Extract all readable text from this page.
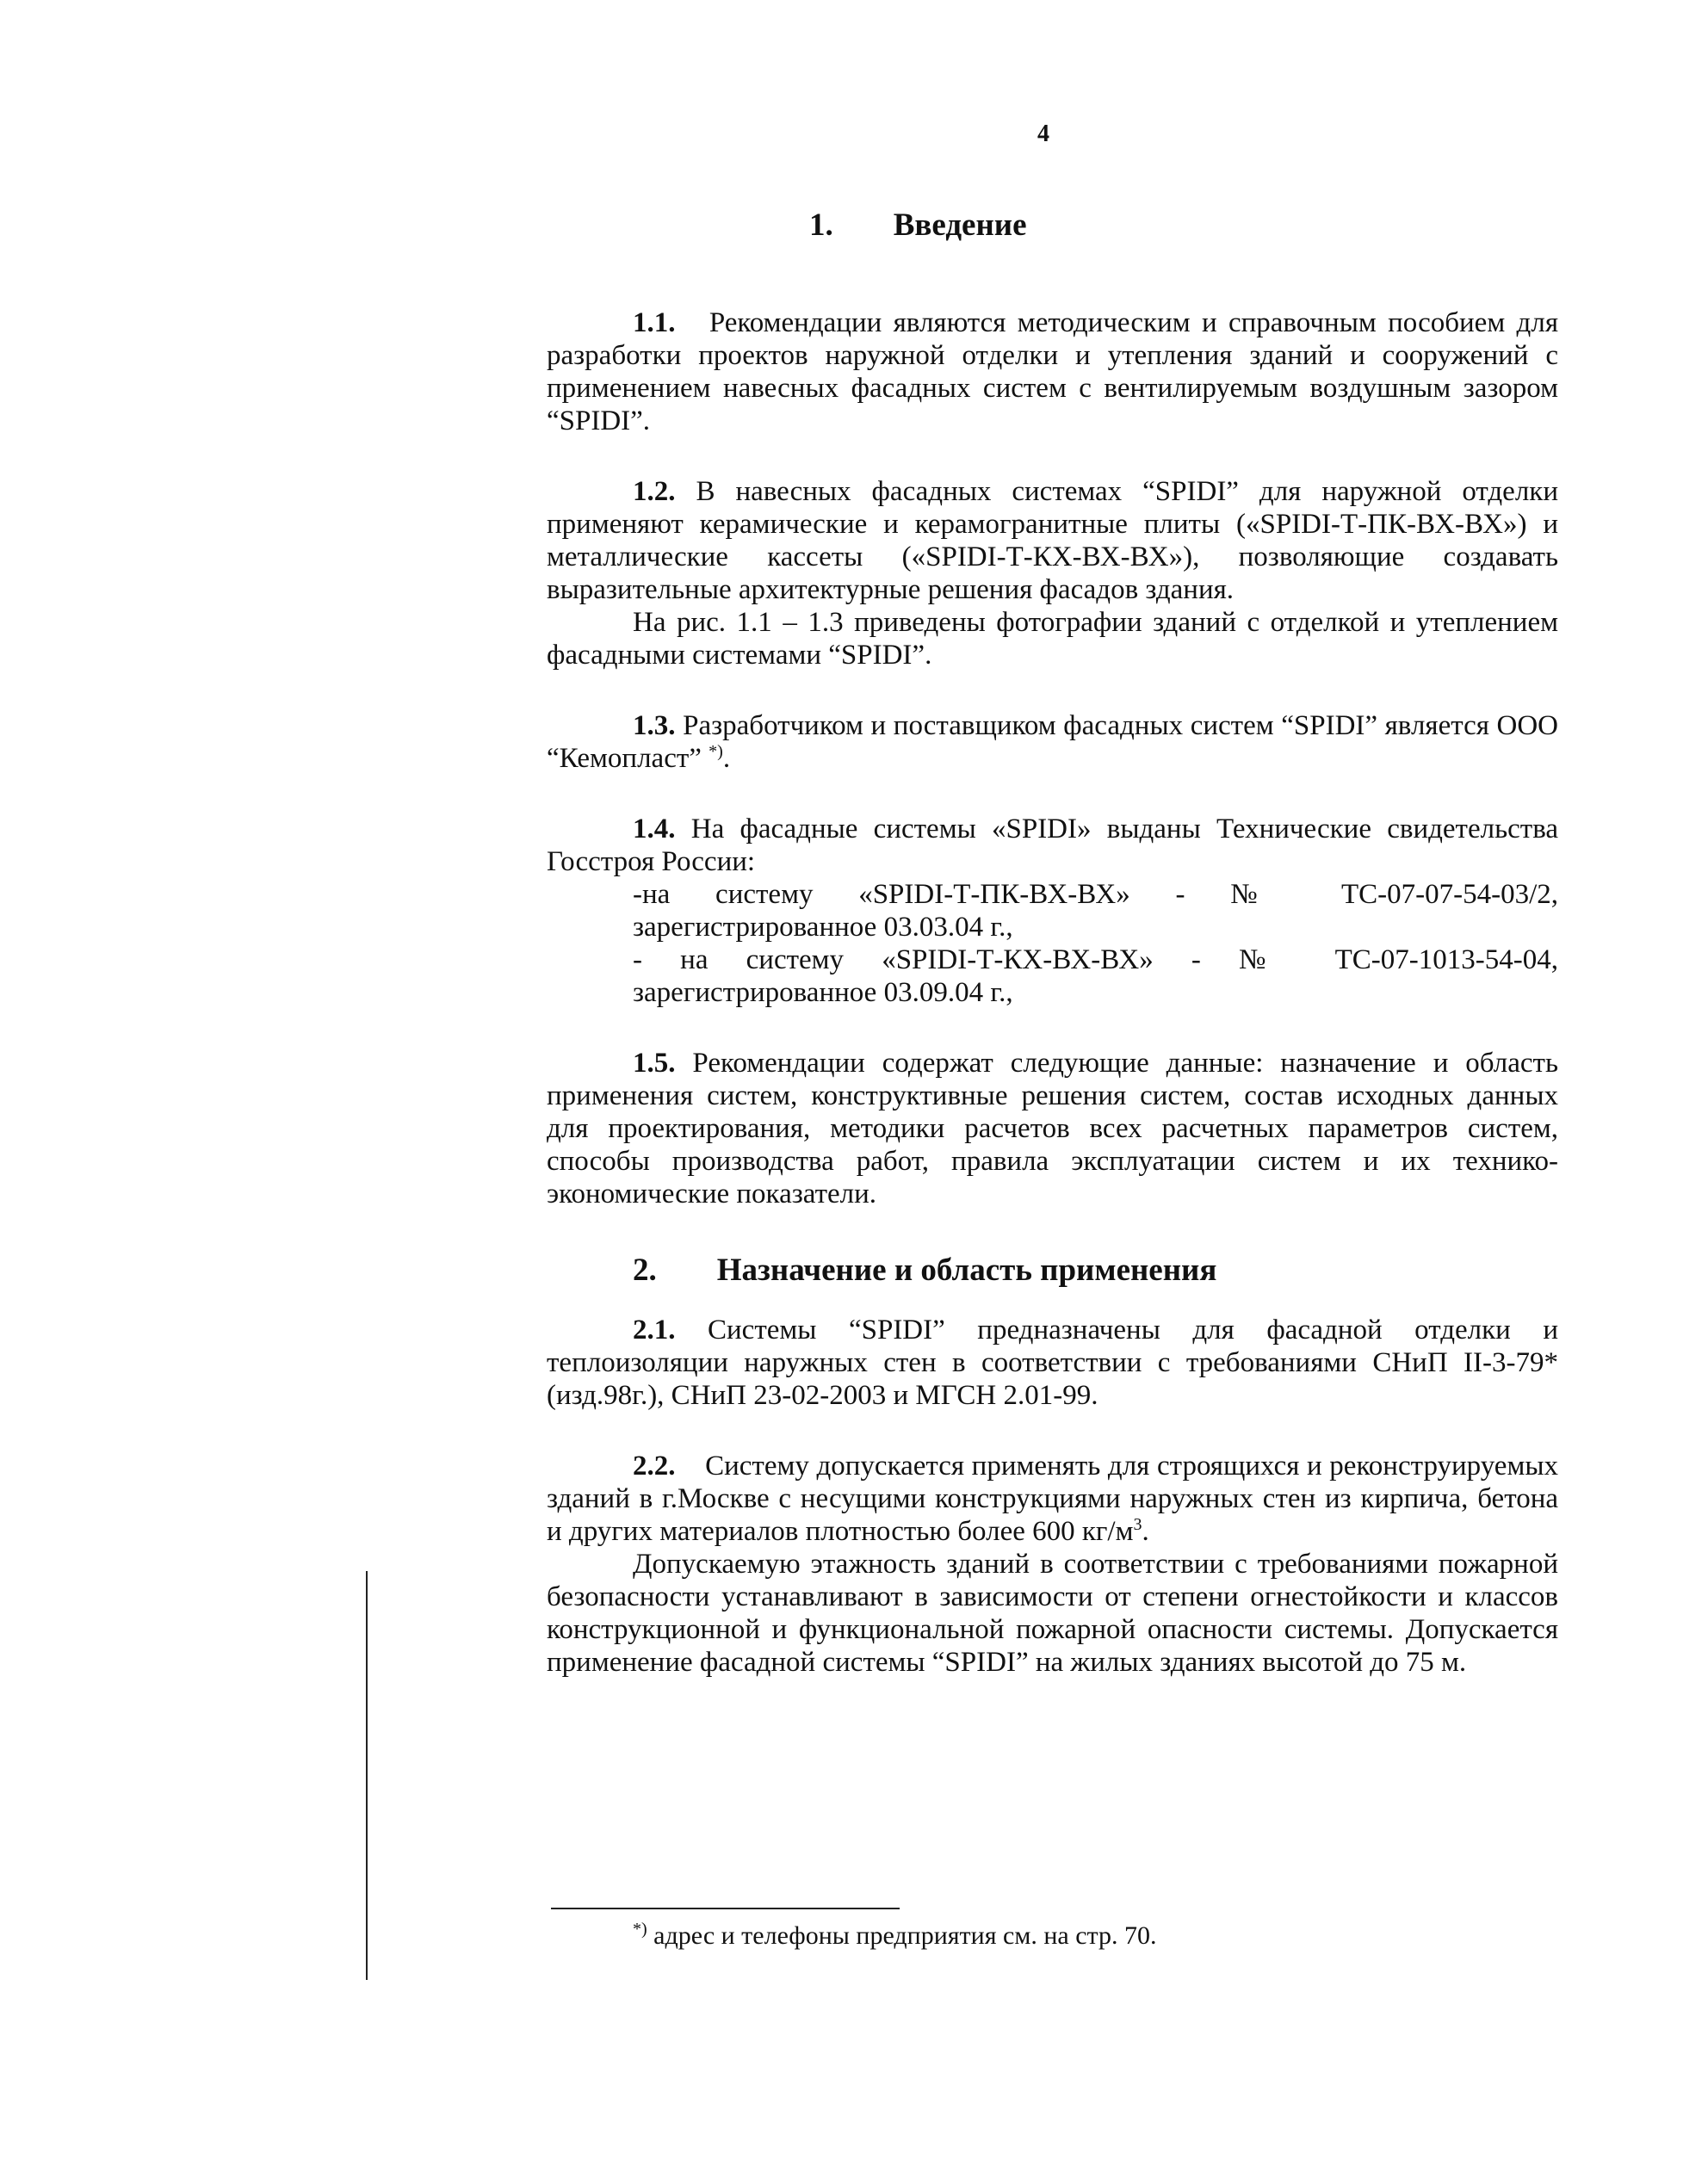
4
1. Введение

1.1. Рекомендации являются методическим и справочным пособием для разработки проектов наружной отделки и утепления зданий и сооружений с применением навесных фасадных систем с вентилируемым воздушным зазором “SPIDI”.

1.2. В навесных фасадных системах “SPIDI” для наружной отделки применяют керамические и керамогранитные плиты («SPIDI-Т-ПК-ВХ-ВХ») и металлические кассеты («SPIDI-Т-КХ-ВХ-ВХ»), позволяющие создавать выразительные архитектурные решения фасадов здания.

На рис. 1.1 – 1.3 приведены фотографии зданий с отделкой и утеплением фасадными системами “SPIDI”.

1.3. Разработчиком и поставщиком фасадных систем “SPIDI” является ООО “Кемопласт” *).

1.4. На фасадные системы «SPIDI» выданы Технические свидетельства Госстроя России:

-на систему «SPIDI-Т-ПК-ВХ-ВХ» - № ТС-07-07-54-03/2, зарегистрированное 03.03.04 г.,

- на систему «SPIDI-Т-КХ-ВХ-ВХ» - № ТС-07-1013-54-04, зарегистрированное 03.09.04 г.,

1.5. Рекомендации содержат следующие данные: назначение и область применения систем, конструктивные решения систем, состав исходных данных для проектирования, методики расчетов всех расчетных параметров систем, способы производства работ, правила эксплуатации систем и их технико-экономические показатели.

2. Назначение и область применения

2.1. Системы “SPIDI” предназначены для фасадной отделки и теплоизоляции наружных стен в соответствии с требованиями СНиП II-3-79* (изд.98г.), СНиП 23-02-2003 и МГСН 2.01-99.

2.2. Систему допускается применять для строящихся и реконструируемых зданий в г.Москве с несущими конструкциями наружных стен из кирпича, бетона и других материалов плотностью более 600 $кг/м^3$.

Допускаемую этажность зданий в соответствии с требованиями пожарной безопасности устанавливают в зависимости от степени огнестойкости и классов конструкционной и функциональной пожарной опасности системы. Допускается применение фасадной системы “SPIDI” на жилых зданиях высотой до 75 м.

*) адрес и телефоны предприятия см. на стр. 70.
